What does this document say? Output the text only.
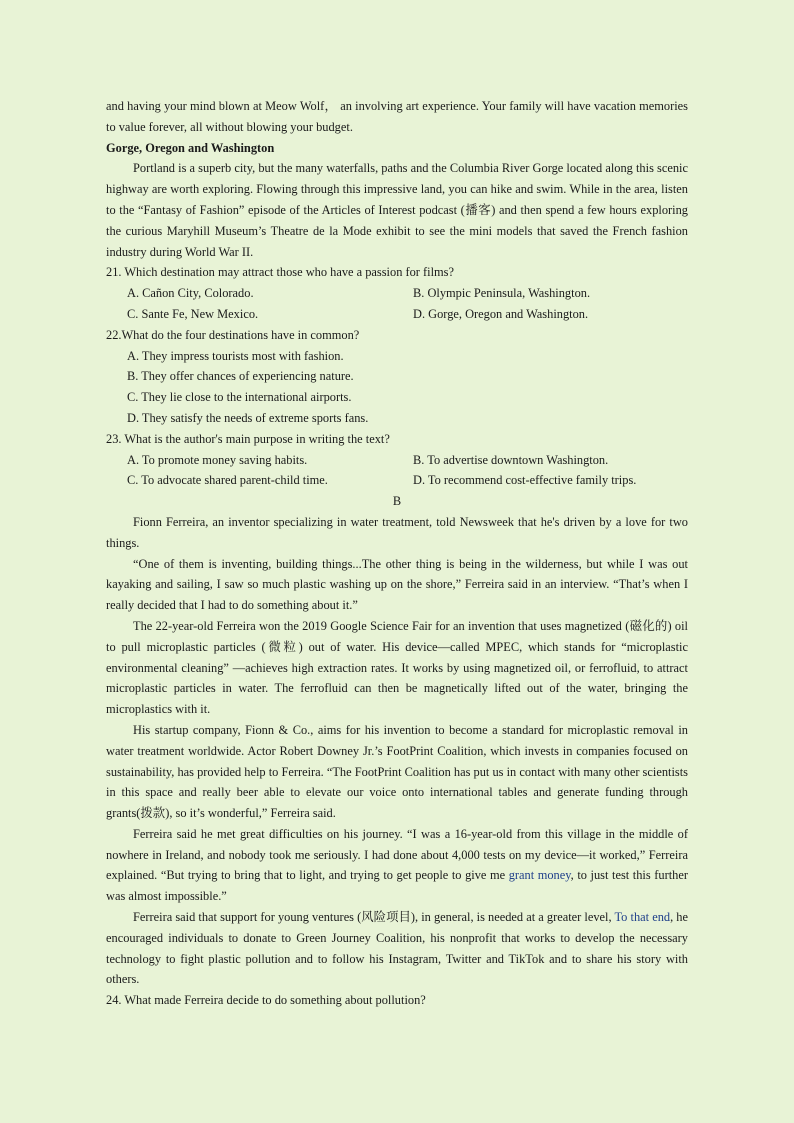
and having your mind blown at Meow Wolf， an involving art experience. Your family will have vacation memories to value forever, all without blowing your budget.

Gorge, Oregon and Washington

Portland is a superb city, but the many waterfalls, paths and the Columbia River Gorge located along this scenic highway are worth exploring. Flowing through this impressive land, you can hike and swim. While in the area, listen to the “Fantasy of Fashion” episode of the Articles of Interest podcast (播客) and then spend a few hours exploring the curious Maryhill Museum’s Theatre de la Mode exhibit to see the mini models that saved the French fashion industry during World War II.

21. Which destination may attract those who have a passion for films?

A. Cañon City, Colorado.	B. Olympic Peninsula, Washington.
C. Sante Fe, New Mexico.	D. Gorge, Oregon and Washington.

22.What do the four destinations have in common?

A. They impress tourists most with fashion.
B. They offer chances of experiencing nature.
C. They lie close to the international airports.
D. They satisfy the needs of extreme sports fans.

23. What is the author's main purpose in writing the text?

A. To promote money saving habits.	B. To advertise downtown Washington.
C. To advocate shared parent-child time.	D. To recommend cost-effective family trips.

B

Fionn Ferreira, an inventor specializing in water treatment, told Newsweek that he's driven by a love for two things.

“One of them is inventing, building things...The other thing is being in the wilderness, but while I was out kayaking and sailing, I saw so much plastic washing up on the shore,” Ferreira said in an interview. “That’s when I really decided that I had to do something about it.”

The 22-year-old Ferreira won the 2019 Google Science Fair for an invention that uses magnetized (磁化的) oil to pull microplastic particles (微粒) out of water. His device—called MPEC, which stands for “microplastic environmental cleaning” —achieves high extraction rates. It works by using magnetized oil, or ferrofluid, to attract microplastic particles in water. The ferrofluid can then be magnetically lifted out of the water, bringing the microplastics with it.

His startup company, Fionn & Co., aims for his invention to become a standard for microplastic removal in water treatment worldwide. Actor Robert Downey Jr.’s FootPrint Coalition, which invests in companies focused on sustainability, has provided help to Ferreira. “The FootPrint Coalition has put us in contact with many other scientists in this space and really beer able to elevate our voice onto international tables and generate funding through grants(拨款), so it’s wonderful,” Ferreira said.

Ferreira said he met great difficulties on his journey. “I was a 16-year-old from this village in the middle of nowhere in Ireland, and nobody took me seriously. I had done about 4,000 tests on my device—it worked,” Ferreira explained. “But trying to bring that to light, and trying to get people to give me grant money, to just test this further was almost impossible.”

Ferreira said that support for young ventures (风险项目), in general, is needed at a greater level, To that end, he encouraged individuals to donate to Green Journey Coalition, his nonprofit that works to develop the necessary technology to fight plastic pollution and to follow his Instagram, Twitter and TikTok and to share his story with others.

24. What made Ferreira decide to do something about pollution?
